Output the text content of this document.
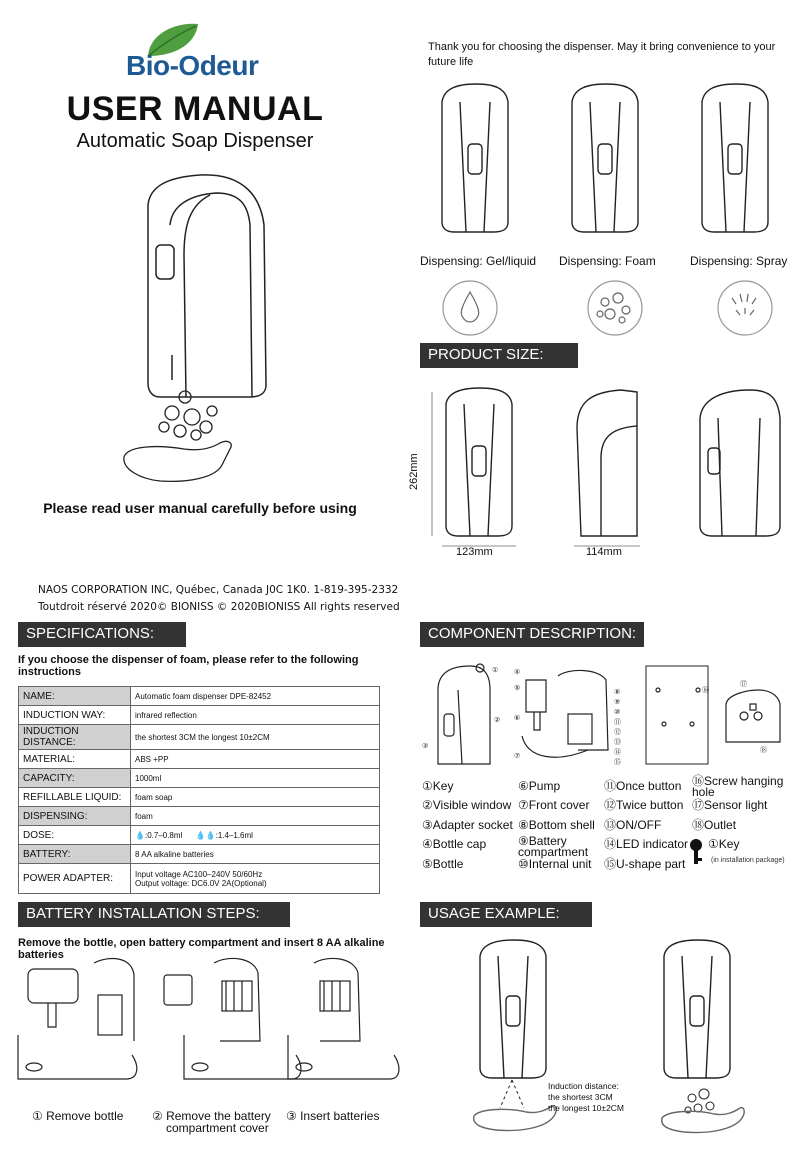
Bio-Odeur
USER MANUAL
Automatic Soap Dispenser
Please read user manual carefully before using
NAOS CORPORATION INC, Québec, Canada J0C 1K0. 1-819-395-2332
Toutdroit réservé 2020© BIONISS © 2020BIONISS All rights reserved
Thank you for choosing the dispenser. May it bring convenience to your future life
Dispensing: Gel/liquid Dispensing: Foam	Dispensing: Spray
PRODUCT SIZE:
262mm
123mm	114mm
SPECIFICATIONS:
If you choose the dispenser of foam, please refer to the following instructions
NAME:	Automatic foam dispenser DPE-82452
INDUCTION WAY:	infrared reflection
INDUCTION DISTANCE:	the shortest 3CM the longest 10±2CM
MATERIAL:	ABS +PP
CAPACITY:	1000ml
REFILLABLE LIQUID:	foam soap
DISPENSING:	foam
DOSE:	💧:0.7–0.8ml 💧💧:1.4–1.6ml
BATTERY:	8 AA alkaline batteries
POWER ADAPTER:	Input voltage AC100–240V 50/60Hz
Output voltage: DC6.0V 2A(Optional)
COMPONENT DESCRIPTION:
①
②
③
④
⑤
⑥
⑦
⑧
⑨
⑩
⑪
⑫
⑬
⑭
⑮
⑯
⑰
⑱
①Key
②Visible window
③Adapter socket
④Bottle cap
⑤Bottle
⑥Pump
⑦Front cover
⑧Bottom shell
⑨Battery compartment
⑩Internal unit
⑪Once button
⑫Twice button
⑬ON/OFF
⑭LED indicator
⑮U-shape part
⑯Screw hanging hole
⑰Sensor light
⑱Outlet
①Key
(in installation package)
BATTERY INSTALLATION STEPS:
Remove the bottle, open battery compartment and insert 8 AA alkaline batteries
① Remove bottle ② Remove the battery
compartment cover
③ Insert batteries
USAGE EXAMPLE:
Induction distance:
the shortest 3CM
the longest 10±2CM
